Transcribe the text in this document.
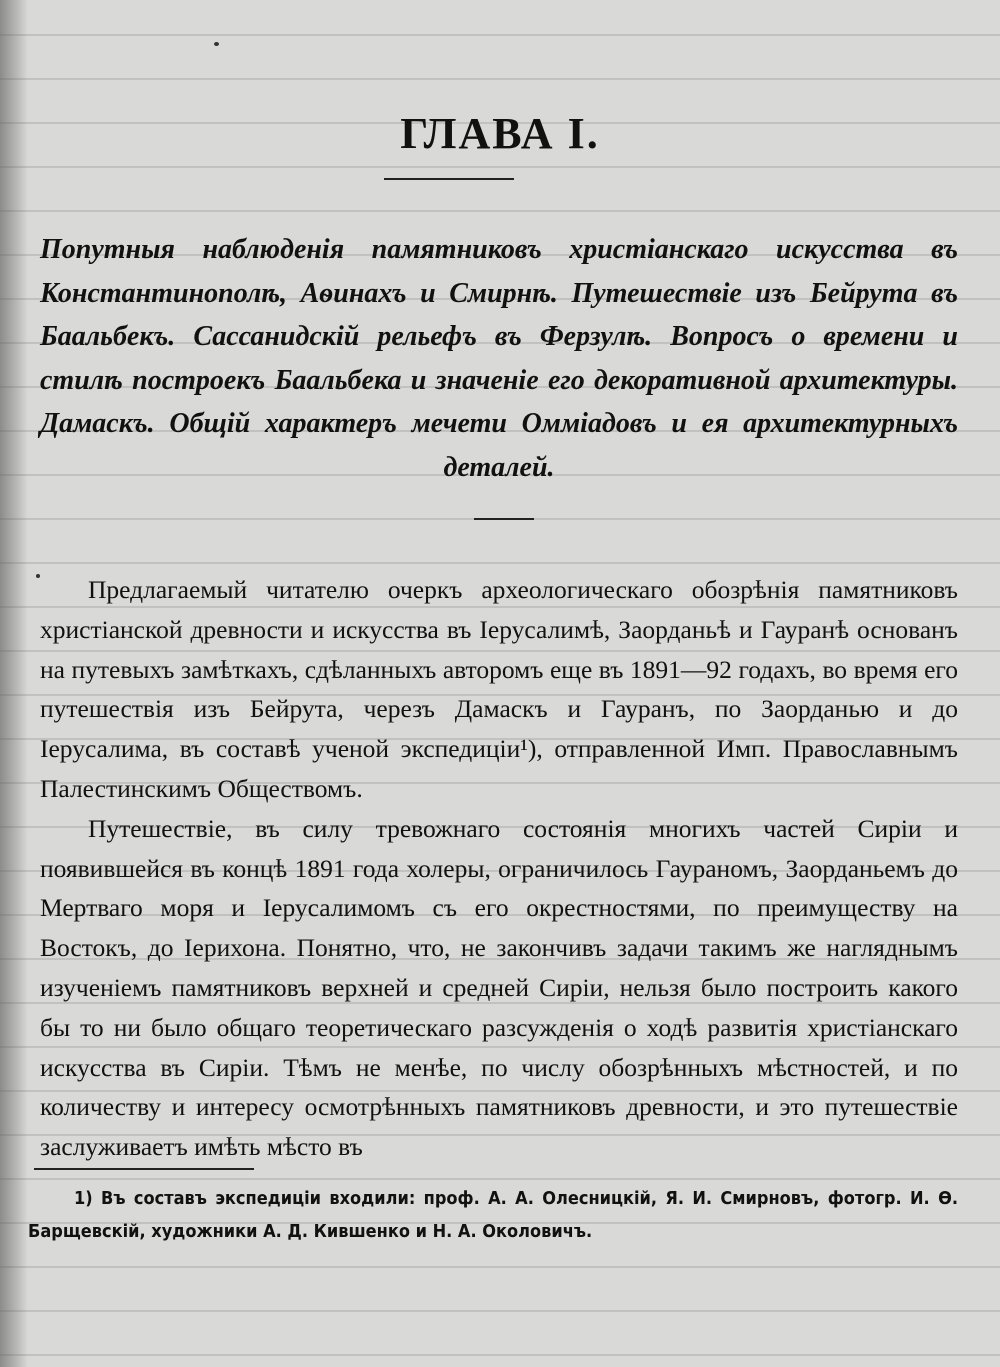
ГЛАВА I.

Попутныя наблюденія памятниковъ христіанскаго искусства въ Константинополѣ, Аѳинахъ и Смирнѣ. Путешествіе изъ Бейрута въ Баальбекъ. Сассанидскій рельефъ въ Ферзулѣ. Вопросъ о времени и стилѣ построекъ Баальбека и значеніе его декоративной архитектуры. Дамаскъ. Общій характеръ мечети Оммiадовъ и ея архитектурныхъ деталей.

Предлагаемый читателю очеркъ археологическаго обозрѣнія памятниковъ христіанской древности и искусства въ Іерусалимѣ, Заорданьѣ и Гауранѣ основанъ на путевыхъ замѣткахъ, сдѣланныхъ авторомъ еще въ 1891—92 годахъ, во время его путешествія изъ Бейрута, черезъ Дамаскъ и Гауранъ, по Заорданью и до Іерусалима, въ составѣ ученой экспедиціи¹), отправленной Имп. Православнымъ Палестинскимъ Обществомъ.

Путешествіе, въ силу тревожнаго состоянія многихъ частей Сиріи и появившейся въ концѣ 1891 года холеры, ограничилось Гаураномъ, Заорданьемъ до Мертваго моря и Іерусалимомъ съ его окрестностями, по преимуществу на Востокъ, до Іерихона. Понятно, что, не закончивъ задачи такимъ же нагляднымъ изученіемъ памятниковъ верхней и средней Сиріи, нельзя было построить какого бы то ни было общаго теоретическаго разсужденія о ходѣ развитія христіанскаго искусства въ Сиріи. Тѣмъ не менѣе, по числу обозрѣнныхъ мѣстностей, и по количеству и интересу осмотрѣнныхъ памятниковъ древности, и это путешествіе заслуживаетъ имѣть мѣсто въ

1) Въ составъ экспедиціи входили: проф. А. А. Олесницкій, Я. И. Смирновъ, фотогр. И. Ѳ. Барщевскій, художники А. Д. Кившенко и Н. А. Околовичъ.
